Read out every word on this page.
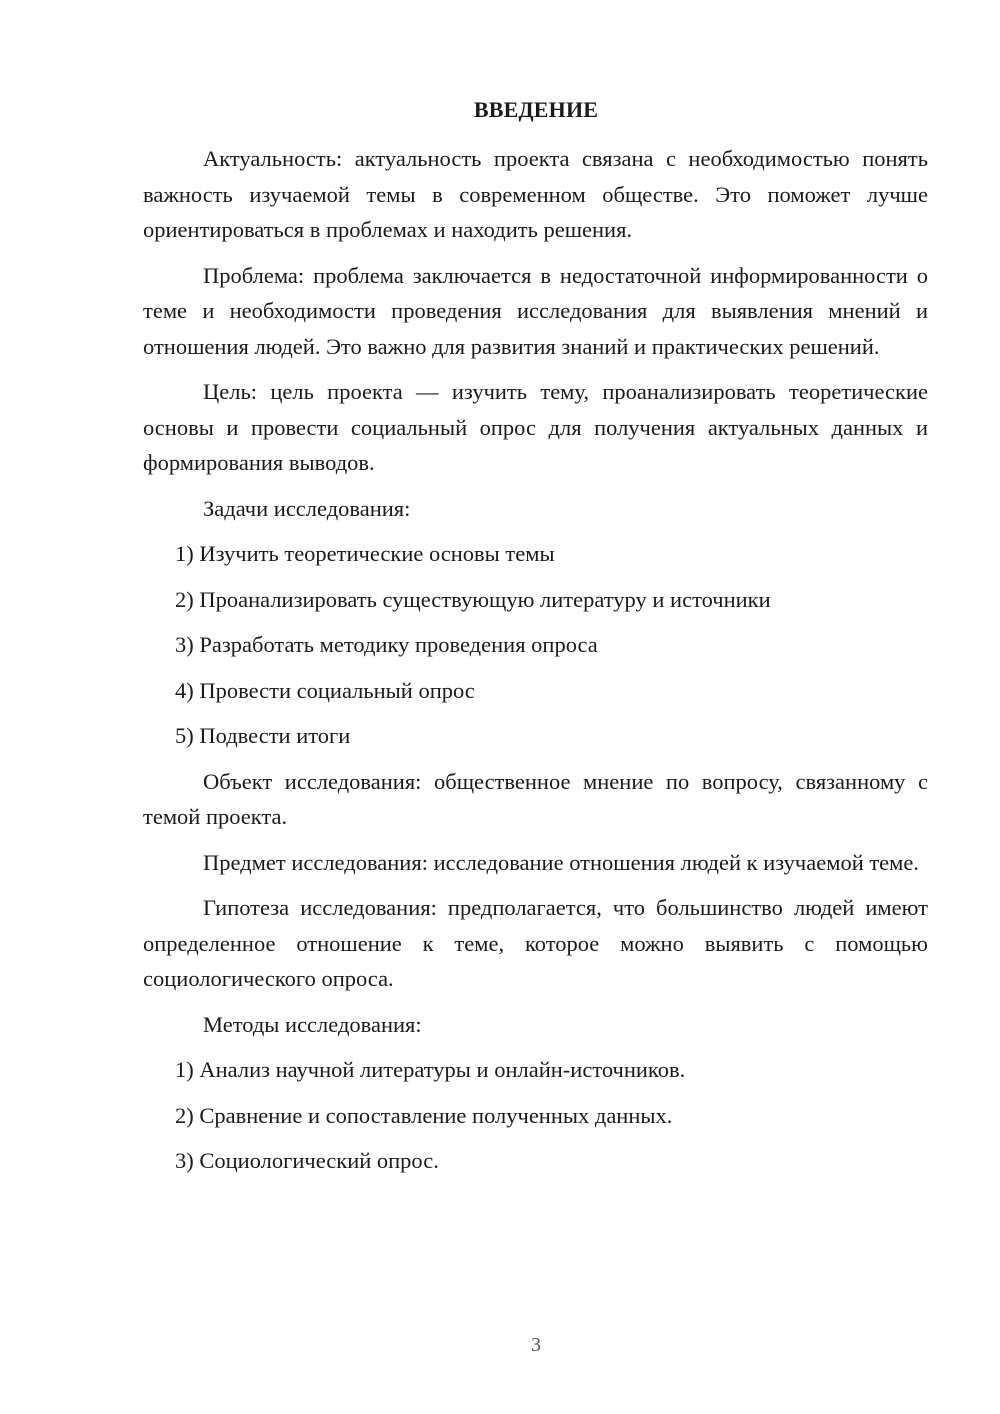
ВВЕДЕНИЕ

Актуальность: актуальность проекта связана с необходимостью понять важность изучаемой темы в современном обществе. Это поможет лучше ориентироваться в проблемах и находить решения.

Проблема: проблема заключается в недостаточной информированности о теме и необходимости проведения исследования для выявления мнений и отношения людей. Это важно для развития знаний и практических решений.

Цель: цель проекта — изучить тему, проанализировать теоретические основы и провести социальный опрос для получения актуальных данных и формирования выводов.

Задачи исследования:

1) Изучить теоретические основы темы

2) Проанализировать существующую литературу и источники

3) Разработать методику проведения опроса

4) Провести социальный опрос

5) Подвести итоги

Объект исследования: общественное мнение по вопросу, связанному с темой проекта.

Предмет исследования: исследование отношения людей к изучаемой теме.

Гипотеза исследования: предполагается, что большинство людей имеют определенное отношение к теме, которое можно выявить с помощью социологического опроса.

Методы исследования:

1) Анализ научной литературы и онлайн-источников.

2) Сравнение и сопоставление полученных данных.

3) Социологический опрос.

3
